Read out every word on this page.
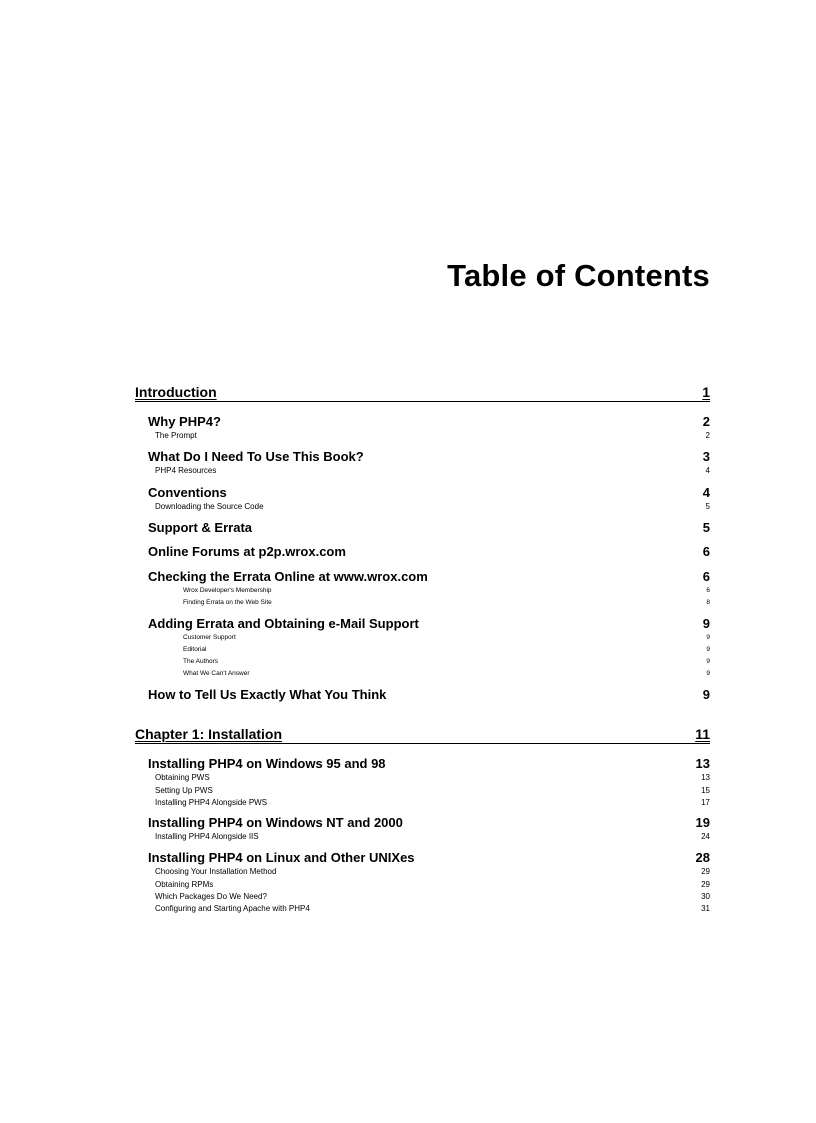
Table of Contents
Introduction	1
Why PHP4?	2
The Prompt	2
What Do I Need To Use This Book?	3
PHP4 Resources	4
Conventions	4
Downloading the Source Code	5
Support & Errata	5
Online Forums at p2p.wrox.com	6
Checking the Errata Online at www.wrox.com	6
Wrox Developer's Membership	6
Finding Errata on the Web Site	8
Adding Errata and Obtaining e-Mail Support	9
Customer Support	9
Editorial	9
The Authors	9
What We Can't Answer	9
How to Tell Us Exactly What You Think	9
Chapter 1: Installation	11
Installing PHP4 on Windows 95 and 98	13
Obtaining PWS	13
Setting Up PWS	15
Installing PHP4 Alongside PWS	17
Installing PHP4 on Windows NT and 2000	19
Installing PHP4 Alongside IIS	24
Installing PHP4 on Linux and Other UNIXes	28
Choosing Your Installation Method	29
Obtaining RPMs	29
Which Packages Do We Need?	30
Configuring and Starting Apache with PHP4	31
